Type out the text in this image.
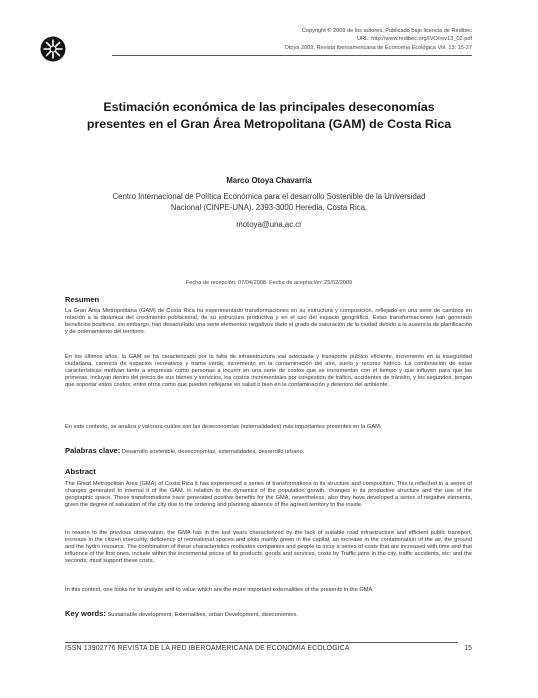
Copyright © 2009 de los autores. Publicado bajo licencia de Redibec
URL: http://www.redibec.org/IVO/rev13_02.pdf
Otoya 2009. Revista Iberoamericana de Economía Ecológica Vol. 13: 15-27
Estimación económica de las principales deseconomías
presentes en el Gran Área Metropolitana (GAM) de Costa Rica
Marco Otoya Chavarría
Centro Internacional de Política Económica para el desarrollo Sostenible de la Universidad
Nacional (CINPE-UNA). 2393-3000 Heredia, Costa Rica.
motoya@una.ac.cr
Fecha de recepción: 07/04/2008. Fecha de aceptación: 25/02/2009
Resumen

La Gran Área Metropolitana (GAM) de Costa Rica ha experimentado transformaciones en su estructura y composición, reflejado en una serie de cambios en relación a la dinámica del crecimiento poblacional, de su estructura productiva y en el uso del espacio geográfico. Estas transformaciones han generado beneficios positivos, sin embargo, han desarrollado una serie elementos negativos dado el grado de saturación de la ciudad debido a la ausencia de planificación y de ordenamiento del territorio.

En los últimos años, la GAM se ha caracterizado por la falta de infraestructura vial adecuada y transporte público eficiente, incremento en la inseguridad ciudadana, carencia de espacios recreativos y trama verde, incremento en la contaminación del aire, suelo y recurso hídrico. La combinación de estas características motivan tanto a empresas como personas a incurrir en una serie de costos que se incrementan con el tiempo y que influyen para que las primeras, incluyan dentro del precio de sus bienes y servicios, los costos incrementales por congestión de tráfico, accidentes de tránsito, y los segundos, tengan que soportar estos costos; entre otros como que pueden reflejarse en salud o bien en la contaminación y deterioro del ambiente.

En este contexto, se analiza y valorara cuáles son las deseconomías (externalidades) más importantes presentes en la GAM.

Palabras clave: Desarrollo sostenible, deseconomías, externalidades, desarrollo urbano.
Abstract

The Great Metropolitan Area (GMA) of Costa Rica it has experienced a series of transformations in its structure and composition. This is reflected in a series of changes generated to internal it of the GAM, in relation to the dynamics of the population growth, changes in its productive structure and the use of the geographic space. These transformations have generated positive benefits for the GMA, nevertheless; also they have developed a series of negative elements, given the degree of saturation of the city due to the ordering and planning absence of the agreed territory to the inside.

In reason to the previous observation, the GMA has in the last years characterized by the lack of suitable road infrastructure and efficient public transport, increase in the citizen insecurity, deficiency of recreational spaces and plots mainly green in the capital, an increase in the contamination of the air, the ground and the hydro resource. The combination of these characteristics motivates companies and people to incur a series of costs that are increased with time and that influence of the first ones, include within the incremental prices of its products, goods and services, costs by Traffic jams in the city, traffic accidents, etc; and the seconds, must support these costs.

In this context, one looks for to analyze and to value which are the more important externalities of the presents in the GMA.

Key words: Sustainable development, Externalities, urban Development, diseconomies.
ISSN 13902776 REVISTA DE LA RED IBEROAMERICANA DE ECONOMÍA ECOLÓGICA	15
